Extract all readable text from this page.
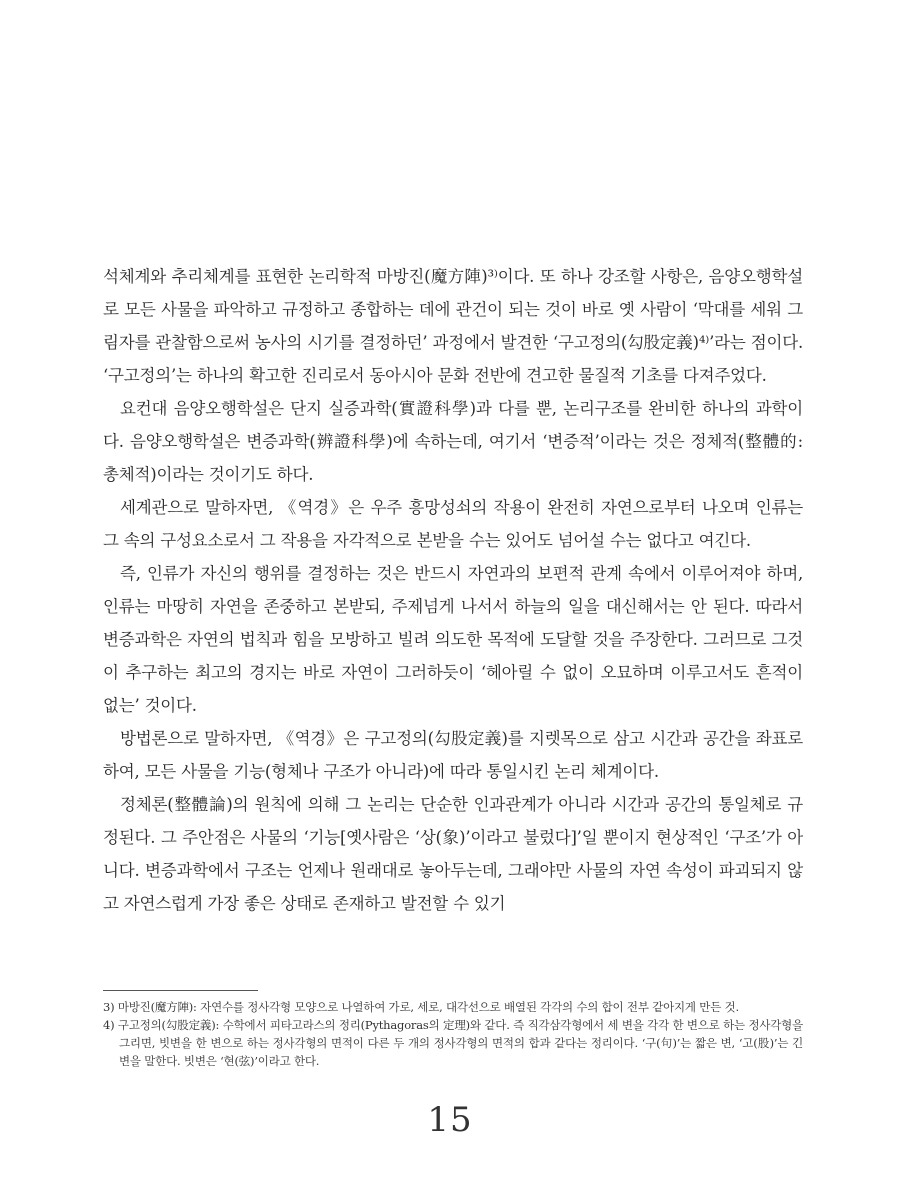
석체계와 추리체계를 표현한 논리학적 마방진(魔方陣)³⁾이다. 또 하나 강조할 사항은, 음양오행학설로 모든 사물을 파악하고 규정하고 종합하는 데에 관건이 되는 것이 바로 옛 사람이 ‘막대를 세워 그림자를 관찰함으로써 농사의 시기를 결정하던’ 과정에서 발견한 ‘구고정의(勾股定義)⁴⁾’라는 점이다. ‘구고정의’는 하나의 확고한 진리로서 동아시아 문화 전반에 견고한 물질적 기초를 다져주었다.

요컨대 음양오행학설은 단지 실증과학(實證科學)과 다를 뿐, 논리구조를 완비한 하나의 과학이다. 음양오행학설은 변증과학(辨證科學)에 속하는데, 여기서 ‘변증적’이라는 것은 정체적(整體的: 총체적)이라는 것이기도 하다.

세계관으로 말하자면, 《역경》은 우주 흥망성쇠의 작용이 완전히 자연으로부터 나오며 인류는 그 속의 구성요소로서 그 작용을 자각적으로 본받을 수는 있어도 넘어설 수는 없다고 여긴다.

즉, 인류가 자신의 행위를 결정하는 것은 반드시 자연과의 보편적 관계 속에서 이루어져야 하며, 인류는 마땅히 자연을 존중하고 본받되, 주제넘게 나서서 하늘의 일을 대신해서는 안 된다. 따라서 변증과학은 자연의 법칙과 힘을 모방하고 빌려 의도한 목적에 도달할 것을 주장한다. 그러므로 그것이 추구하는 최고의 경지는 바로 자연이 그러하듯이 ‘헤아릴 수 없이 오묘하며 이루고서도 흔적이 없는’ 것이다.

방법론으로 말하자면, 《역경》은 구고정의(勾股定義)를 지렛목으로 삼고 시간과 공간을 좌표로 하여, 모든 사물을 기능(형체나 구조가 아니라)에 따라 통일시킨 논리 체계이다.

정체론(整體論)의 원칙에 의해 그 논리는 단순한 인과관계가 아니라 시간과 공간의 통일체로 규정된다. 그 주안점은 사물의 ‘기능[옛사람은 ‘상(象)’이라고 불렀다]’일 뿐이지 현상적인 ‘구조’가 아니다. 변증과학에서 구조는 언제나 원래대로 놓아두는데, 그래야만 사물의 자연 속성이 파괴되지 않고 자연스럽게 가장 좋은 상태로 존재하고 발전할 수 있기

3) 마방진(魔方陣): 자연수를 정사각형 모양으로 나열하여 가로, 세로, 대각선으로 배열된 각각의 수의 합이 전부 같아지게 만든 것.

4) 구고정의(勾股定義): 수학에서 피타고라스의 정리(Pythagoras의 定理)와 같다. 즉 직각삼각형에서 세 변을 각각 한 변으로 하는 정사각형을 그리면, 빗변을 한 변으로 하는 정사각형의 면적이 다른 두 개의 정사각형의 면적의 합과 같다는 정리이다. ‘구(句)’는 짧은 변, ‘고(股)’는 긴 변을 말한다. 빗변은 ‘현(弦)’이라고 한다.

15
